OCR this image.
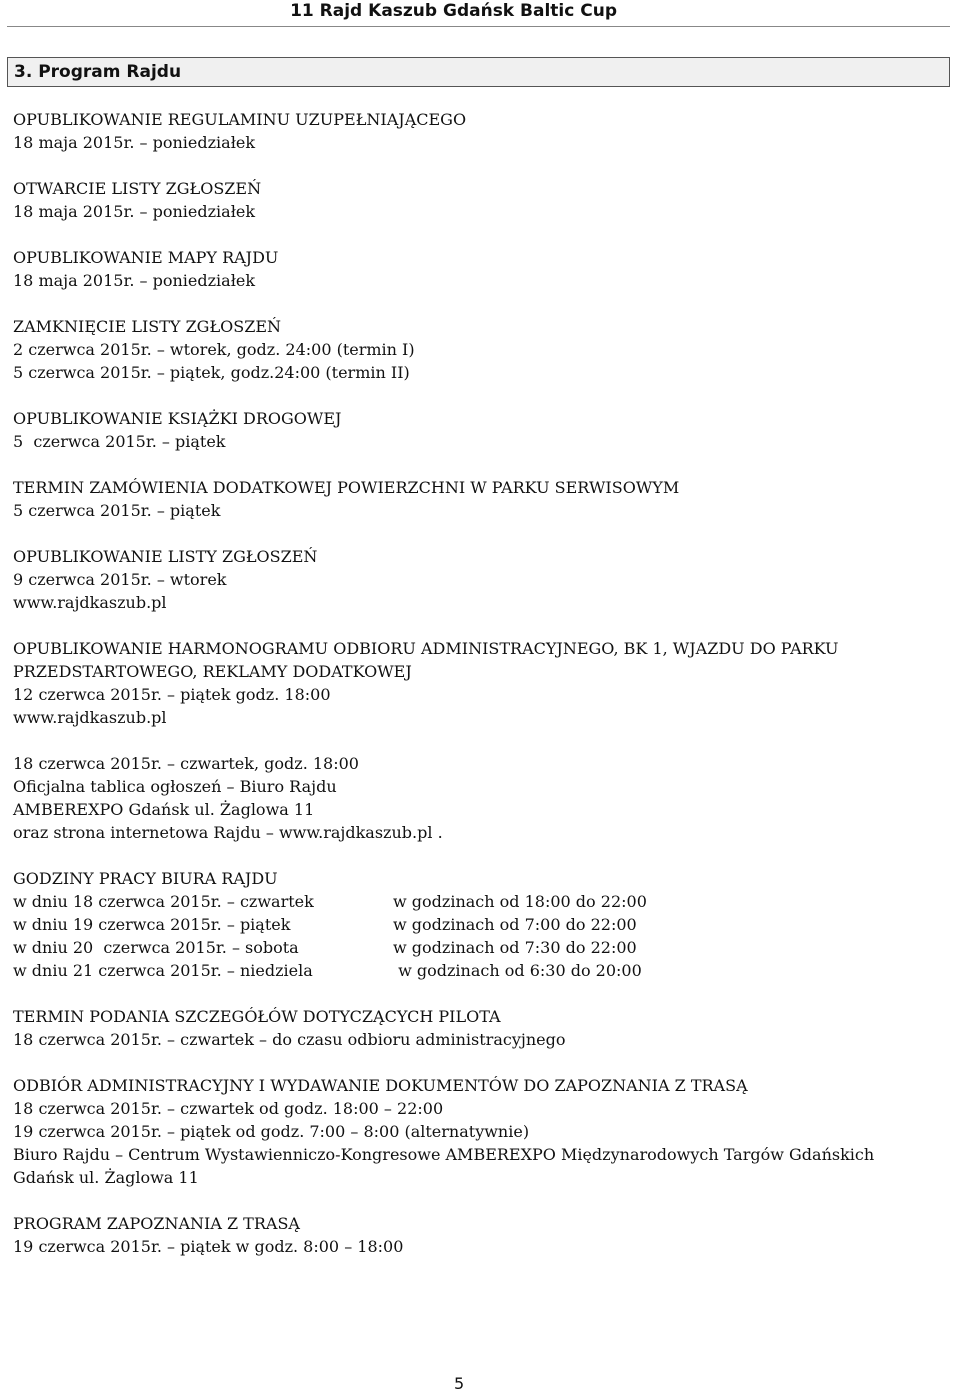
11 Rajd Kaszub Gdańsk Baltic Cup
3. Program Rajdu

OPUBLIKOWANIE REGULAMINU UZUPEŁNIAJĄCEGO

18 maja 2015r. – poniedziałek

OTWARCIE LISTY ZGŁOSZEŃ

18 maja 2015r. – poniedziałek

OPUBLIKOWANIE MAPY RAJDU

18 maja 2015r. – poniedziałek

ZAMKNIĘCIE LISTY ZGŁOSZEŃ

2 czerwca 2015r. – wtorek, godz. 24:00 (termin I)

5 czerwca 2015r. – piątek, godz.24:00 (termin II)

OPUBLIKOWANIE KSIĄŻKI DROGOWEJ

5  czerwca 2015r. – piątek

TERMIN ZAMÓWIENIA DODATKOWEJ POWIERZCHNI W PARKU SERWISOWYM

5 czerwca 2015r. – piątek

OPUBLIKOWANIE LISTY ZGŁOSZEŃ

9 czerwca 2015r. – wtorek

www.rajdkaszub.pl

OPUBLIKOWANIE HARMONOGRAMU ODBIORU ADMINISTRACYJNEGO, BK 1, WJAZDU DO PARKU

PRZEDSTARTOWEGO, REKLAMY DODATKOWEJ

12 czerwca 2015r. – piątek godz. 18:00

www.rajdkaszub.pl

18 czerwca 2015r. – czwartek, godz. 18:00

Oficjalna tablica ogłoszeń – Biuro Rajdu

AMBEREXPO Gdańsk ul. Żaglowa 11

oraz strona internetowa Rajdu – www.rajdkaszub.pl .

GODZINY PRACY BIURA RAJDU

w dniu 18 czerwca 2015r. – czwartek	w godzinach od 18:00 do 22:00
w dniu 19 czerwca 2015r. – piątek	w godzinach od 7:00 do 22:00
w dniu 20  czerwca 2015r. – sobota	w godzinach od 7:30 do 22:00
w dniu 21 czerwca 2015r. – niedziela	w godzinach od 6:30 do 20:00

TERMIN PODANIA SZCZEGÓŁÓW DOTYCZĄCYCH PILOTA

18 czerwca 2015r. – czwartek – do czasu odbioru administracyjnego

ODBIÓR ADMINISTRACYJNY I WYDAWANIE DOKUMENTÓW DO ZAPOZNANIA Z TRASĄ

18 czerwca 2015r. – czwartek od godz. 18:00 – 22:00

19 czerwca 2015r. – piątek od godz. 7:00 – 8:00 (alternatywnie)

Biuro Rajdu – Centrum Wystawienniczo-Kongresowe AMBEREXPO Międzynarodowych Targów Gdańskich

Gdańsk ul. Żaglowa 11

PROGRAM ZAPOZNANIA Z TRASĄ

19 czerwca 2015r. – piątek w godz. 8:00 – 18:00

5
